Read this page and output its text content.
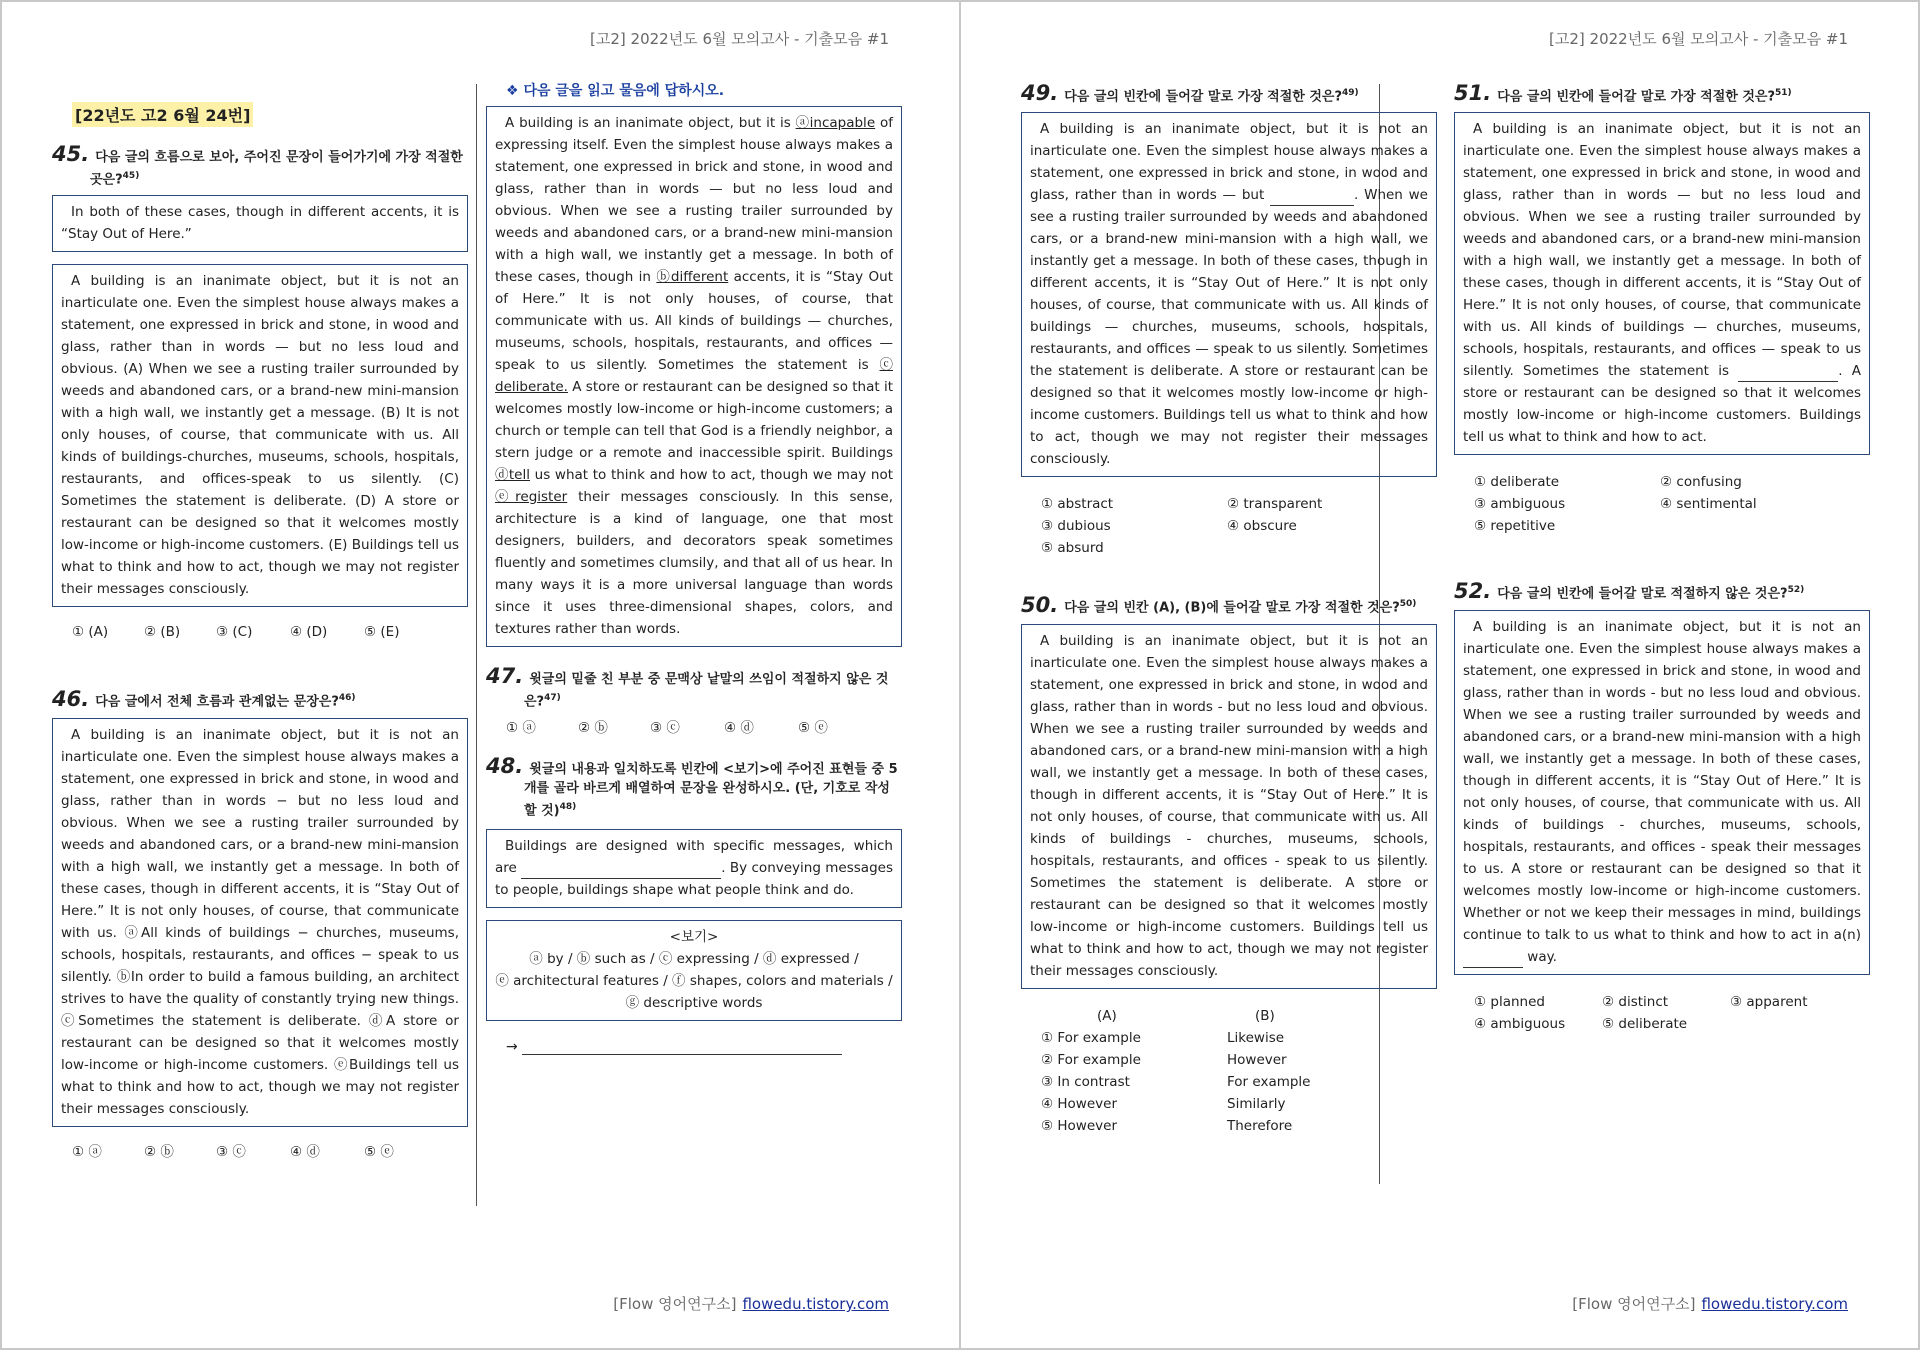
[고2] 2022년도 6월 모의고사 - 기출모음 #1
[22년도 고2 6월 24번]
45. 다음 글의 흐름으로 보아, 주어진 문장이 들어가기에 가장 적절한 곳은?$^{45)}$
In both of these cases, though in different accents, it is “Stay Out of Here.”
A building is an inanimate object, but it is not an inarticulate one. Even the simplest house always makes a statement, one expressed in brick and stone, in wood and glass, rather than in words — but no less loud and obvious. (A) When we see a rusting trailer surrounded by weeds and abandoned cars, or a brand-new mini-mansion with a high wall, we instantly get a message. (B) It is not only houses, of course, that communicate with us. All kinds of buildings-churches, museums, schools, hospitals, restaurants, and offices-speak to us silently. (C) Sometimes the statement is deliberate. (D) A store or restaurant can be designed so that it welcomes mostly low-income or high-income customers. (E) Buildings tell us what to think and how to act, though we may not register their messages consciously.
① (A)	② (B)	③ (C)	④ (D)	⑤ (E)
46. 다음 글에서 전체 흐름과 관계없는 문장은?$^{46)}$
A building is an inanimate object, but it is not an inarticulate one. Even the simplest house always makes a statement, one expressed in brick and stone, in wood and glass, rather than in words − but no less loud and obvious. When we see a rusting trailer surrounded by weeds and abandoned cars, or a brand-new mini-mansion with a high wall, we instantly get a message. In both of these cases, though in different accents, it is “Stay Out of Here.” It is not only houses, of course, that communicate with us. ⓐAll kinds of buildings − churches, museums, schools, hospitals, restaurants, and offices − speak to us silently. ⓑIn order to build a famous building, an architect strives to have the quality of constantly trying new things. ⓒSometimes the statement is deliberate. ⓓA store or restaurant can be designed so that it welcomes mostly low-income or high-income customers. ⓔBuildings tell us what to think and how to act, though we may not register their messages consciously.
① ⓐ	② ⓑ	③ ⓒ	④ ⓓ	⑤ ⓔ
❖ 다음 글을 읽고 물음에 답하시오.
A building is an inanimate object, but it is ⓐincapable of expressing itself. Even the simplest house always makes a statement, one expressed in brick and stone, in wood and glass, rather than in words — but no less loud and obvious. When we see a rusting trailer surrounded by weeds and abandoned cars, or a brand-new mini-mansion with a high wall, we instantly get a message. In both of these cases, though in ⓑdifferent accents, it is “Stay Out of Here.” It is not only houses, of course, that communicate with us. All kinds of buildings — churches, museums, schools, hospitals, restaurants, and offices — speak to us silently. Sometimes the statement is ⓒ deliberate. A store or restaurant can be designed so that it welcomes mostly low-income or high-income customers; a church or temple can tell that God is a friendly neighbor, a stern judge or a remote and inaccessible spirit. Buildings ⓓtell us what to think and how to act, though we may not ⓔregister their messages consciously. In this sense, architecture is a kind of language, one that most designers, builders, and decorators speak sometimes fluently and sometimes clumsily, and that all of us hear. In many ways it is a more universal language than words since it uses three-dimensional shapes, colors, and textures rather than words.
47. 윗글의 밑줄 친 부분 중 문맥상 낱말의 쓰임이 적절하지 않은 것은?$^{47)}$
① ⓐ	② ⓑ	③ ⓒ	④ ⓓ	⑤ ⓔ
48. 윗글의 내용과 일치하도록 빈칸에 <보기>에 주어진 표현들 중 5개를 골라 바르게 배열하여 문장을 완성하시오. (단, 기호로 작성할 것)$^{48)}$
Buildings are designed with specific messages, which are	. By conveying messages to people, buildings shape what people think and do.
<보기>
ⓐ by / ⓑ such as / ⓒ expressing / ⓓ expressed /
ⓔ architectural features / ⓕ shapes, colors and materials /
ⓖ descriptive words
→
[Flow 영어연구소] flowedu.tistory.com
[고2] 2022년도 6월 모의고사 - 기출모음 #1
49. 다음 글의 빈칸에 들어갈 말로 가장 적절한 것은?$^{49)}$
A building is an inanimate object, but it is not an inarticulate one. Even the simplest house always makes a statement, one expressed in brick and stone, in wood and glass, rather than in words — but	. When we see a rusting trailer surrounded by weeds and abandoned cars, or a brand-new mini-mansion with a high wall, we instantly get a message. In both of these cases, though in different accents, it is “Stay Out of Here.” It is not only houses, of course, that communicate with us. All kinds of buildings — churches, museums, schools, hospitals, restaurants, and offices — speak to us silently. Sometimes the statement is deliberate. A store or restaurant can be designed so that it welcomes mostly low-income or high-income customers. Buildings tell us what to think and how to act, though we may not register their messages consciously.
① abstract	② transparent
③ dubious	④ obscure
⑤ absurd
50. 다음 글의 빈칸 (A), (B)에 들어갈 말로 가장 적절한 것은?$^{50)}$
A building is an inanimate object, but it is not an inarticulate one. Even the simplest house always makes a statement, one expressed in brick and stone, in wood and glass, rather than in words - but no less loud and obvious. When we see a rusting trailer surrounded by weeds and abandoned cars, or a brand-new mini-mansion with a high wall, we instantly get a message. In both of these cases, though in different accents, it is “Stay Out of Here.” It is not only houses, of course, that communicate with us. All kinds of buildings - churches, museums, schools, hospitals, restaurants, and offices - speak to us silently. Sometimes the statement is deliberate. A store or restaurant can be designed so that it welcomes mostly low-income or high-income customers. Buildings tell us what to think and how to act, though we may not register their messages consciously.
(A)	(B)
① For example	Likewise
② For example	However
③ In contrast	For example
④ However	Similarly
⑤ However	Therefore
51. 다음 글의 빈칸에 들어갈 말로 가장 적절한 것은?$^{51)}$
A building is an inanimate object, but it is not an inarticulate one. Even the simplest house always makes a statement, one expressed in brick and stone, in wood and glass, rather than in words — but no less loud and obvious. When we see a rusting trailer surrounded by weeds and abandoned cars, or a brand-new mini-mansion with a high wall, we instantly get a message. In both of these cases, though in different accents, it is “Stay Out of Here.” It is not only houses, of course, that communicate with us. All kinds of buildings — churches, museums, schools, hospitals, restaurants, and offices — speak to us silently. Sometimes the statement is	. A store or restaurant can be designed so that it welcomes mostly low-income or high-income customers. Buildings tell us what to think and how to act.
① deliberate	② confusing
③ ambiguous	④ sentimental
⑤ repetitive
52. 다음 글의 빈칸에 들어갈 말로 적절하지 않은 것은?$^{52)}$
A building is an inanimate object, but it is not an inarticulate one. Even the simplest house always makes a statement, one expressed in brick and stone, in wood and glass, rather than in words - but no less loud and obvious. When we see a rusting trailer surrounded by weeds and abandoned cars, or a brand-new mini-mansion with a high wall, we instantly get a message. In both of these cases, though in different accents, it is “Stay Out of Here.” It is not only houses, of course, that communicate with us. All kinds of buildings - churches, museums, schools, hospitals, restaurants, and offices - speak their messages to us. A store or restaurant can be designed so that it welcomes mostly low-income or high-income customers. Whether or not we keep their messages in mind, buildings continue to talk to us what to think and how to act in a(n)  way.
① planned	② distinct	③ apparent
④ ambiguous	⑤ deliberate
[Flow 영어연구소] flowedu.tistory.com
